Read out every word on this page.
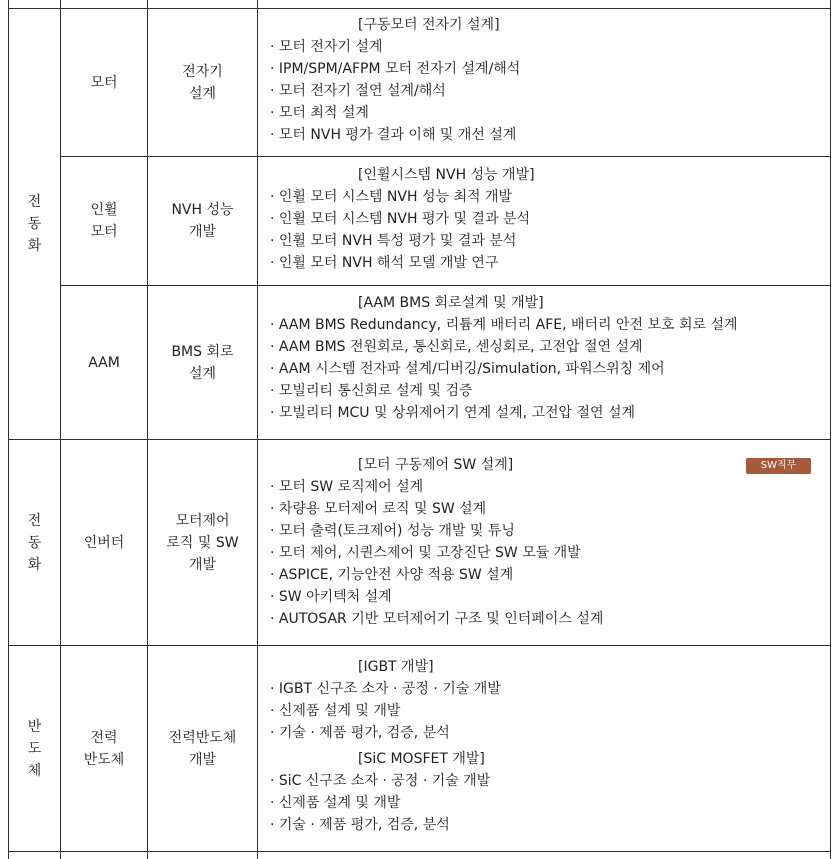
전
동
화
모터
전자기
설계
[구동모터 전자기 설계]
· 모터 전자기 설계
· IPM/SPM/AFPM 모터 전자기 설계/해석
· 모터 전자기 절연 설계/해석
· 모터 최적 설계
· 모터 NVH 평가 결과 이해 및 개선 설계
인휠
모터
NVH 성능
개발
[인휠시스템 NVH 성능 개발]
· 인휠 모터 시스템 NVH 성능 최적 개발
· 인휠 모터 시스템 NVH 평가 및 결과 분석
· 인휠 모터 NVH 특성 평가 및 결과 분석
· 인휠 모터 NVH 해석 모델 개발 연구
AAM
BMS 회로
설계
[AAM BMS 회로설계 및 개발]
· AAM BMS Redundancy, 리튬계 배터리 AFE, 배터리 안전 보호 회로 설계
· AAM BMS 전원회로, 통신회로, 센싱회로, 고전압 절연 설계
· AAM 시스템 전자파 설계/디버깅/Simulation, 파워스위칭 제어
· 모빌리티 통신회로 설계 및 검증
· 모빌리티 MCU 및 상위제어기 연계 설계, 고전압 절연 설계
전
동
화
인버터
모터제어
로직 및 SW
개발
SW직무
[모터 구동제어 SW 설계]
· 모터 SW 로직제어 설계
· 차량용 모터제어 로직 및 SW 설계
· 모터 출력(토크제어) 성능 개발 및 튜닝
· 모터 제어, 시퀀스제어 및 고장진단 SW 모듈 개발
· ASPICE, 기능안전 사양 적용 SW 설계
· SW 아키텍처 설계
· AUTOSAR 기반 모터제어기 구조 및 인터페이스 설계
반
도
체
전력
반도체
전력반도체
개발
[IGBT 개발]
· IGBT 신구조 소자 · 공정 · 기술 개발
· 신제품 설계 및 개발
· 기술 · 제품 평가, 검증, 분석
[SiC MOSFET 개발]
· SiC 신구조 소자 · 공정 · 기술 개발
· 신제품 설계 및 개발
· 기술 · 제품 평가, 검증, 분석
